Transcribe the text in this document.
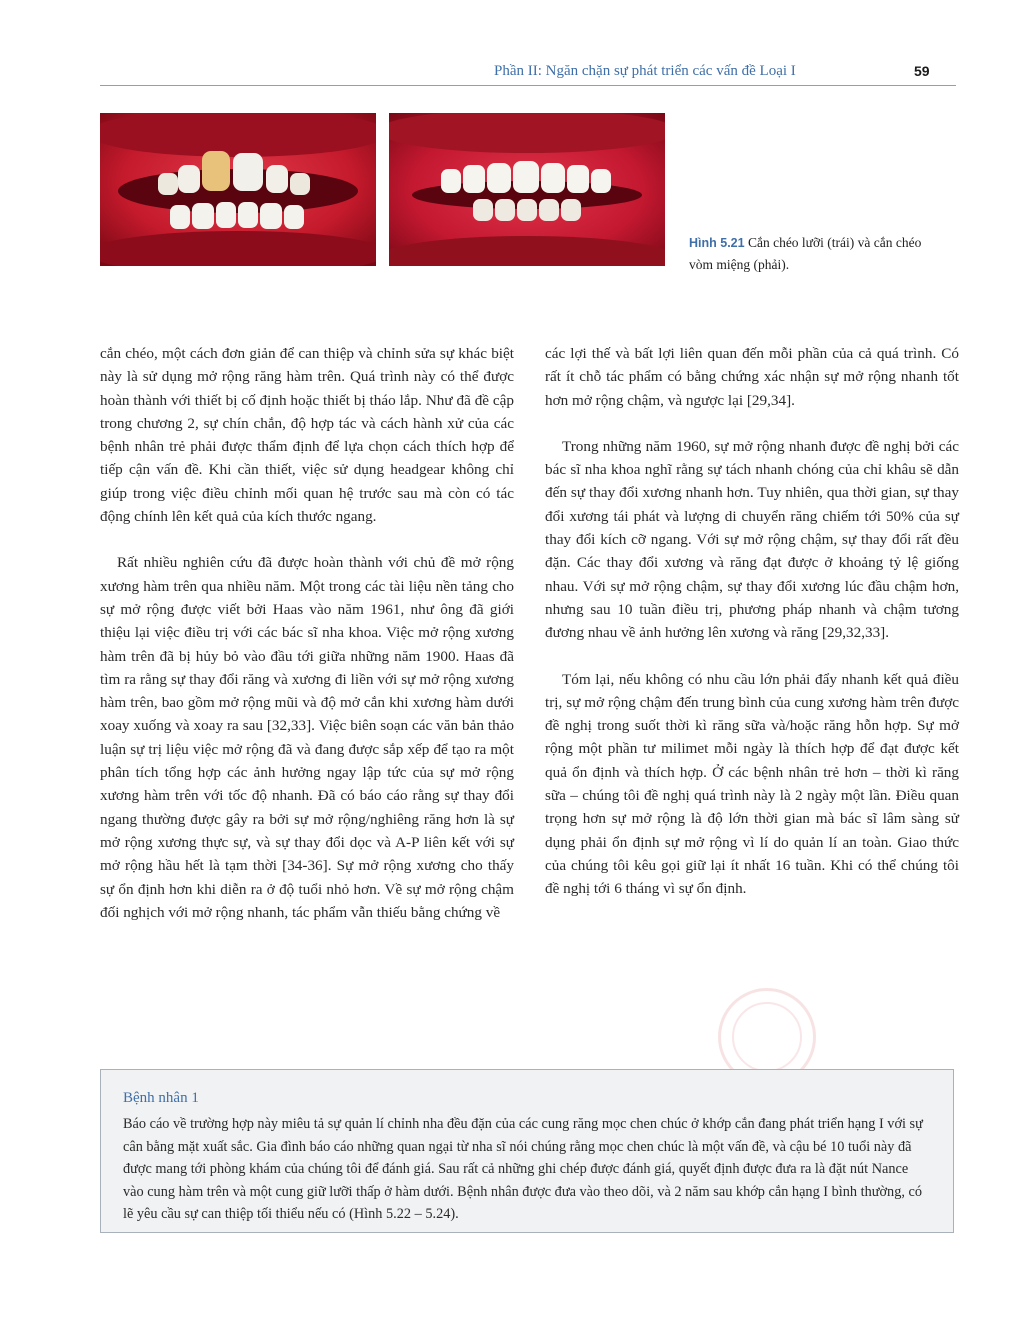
Phần II: Ngăn chặn sự phát triển các vấn đề Loại I	59
Hình 5.21 Cắn chéo lưỡi (trái) và cắn chéo vòm miệng (phải).

cắn chéo, một cách đơn giản để can thiệp và chỉnh sửa sự khác biệt này là sử dụng mở rộng răng hàm trên. Quá trình này có thể được hoàn thành với thiết bị cố định hoặc thiết bị tháo lắp. Như đã đề cập trong chương 2, sự chín chắn, độ hợp tác và cách hành xử của các bệnh nhân trẻ phải được thẩm định để lựa chọn cách thích hợp để tiếp cận vấn đề. Khi cần thiết, việc sử dụng headgear không chỉ giúp trong việc điều chỉnh mối quan hệ trước sau mà còn có tác động chính lên kết quả của kích thước ngang.

Rất nhiều nghiên cứu đã được hoàn thành với chủ đề mở rộng xương hàm trên qua nhiều năm. Một trong các tài liệu nền tảng cho sự mở rộng được viết bởi Haas vào năm 1961, như ông đã giới thiệu lại việc điều trị với các bác sĩ nha khoa. Việc mở rộng xương hàm trên đã bị hủy bỏ vào đầu tới giữa những năm 1900. Haas đã tìm ra rằng sự thay đổi răng và xương đi liền với sự mở rộng xương hàm trên, bao gồm mở rộng mũi và độ mở cắn khi xương hàm dưới xoay xuống và xoay ra sau [32,33]. Việc biên soạn các văn bản thảo luận sự trị liệu việc mở rộng đã và đang được sắp xếp để tạo ra một phân tích tổng hợp các ảnh hưởng ngay lập tức của sự mở rộng xương hàm trên với tốc độ nhanh. Đã có báo cáo rằng sự thay đổi ngang thường được gây ra bởi sự mở rộng/nghiêng răng hơn là sự mở rộng xương thực sự, và sự thay đổi dọc và A-P liên kết với sự mở rộng hầu hết là tạm thời [34-36]. Sự mở rộng xương cho thấy sự ổn định hơn khi diễn ra ở độ tuổi nhỏ hơn. Về sự mở rộng chậm đối nghịch với mở rộng nhanh, tác phẩm vẫn thiếu bằng chứng về

các lợi thế và bất lợi liên quan đến mỗi phần của cả quá trình. Có rất ít chỗ tác phẩm có bằng chứng xác nhận sự mở rộng nhanh tốt hơn mở rộng chậm, và ngược lại [29,34].

Trong những năm 1960, sự mở rộng nhanh được đề nghị bởi các bác sĩ nha khoa nghĩ rằng sự tách nhanh chóng của chỉ khâu sẽ dẫn đến sự thay đổi xương nhanh hơn. Tuy nhiên, qua thời gian, sự thay đổi xương tái phát và lượng di chuyển răng chiếm tới 50% của sự thay đổi kích cỡ ngang. Với sự mở rộng chậm, sự thay đổi rất đều đặn. Các thay đổi xương và răng đạt được ở khoảng tỷ lệ giống nhau. Với sự mở rộng chậm, sự thay đổi xương lúc đầu chậm hơn, nhưng sau 10 tuần điều trị, phương pháp nhanh và chậm tương đương nhau về ảnh hưởng lên xương và răng [29,32,33].

Tóm lại, nếu không có nhu cầu lớn phải đẩy nhanh kết quả điều trị, sự mở rộng chậm đến trung bình của cung xương hàm trên được đề nghị trong suốt thời kì răng sữa và/hoặc răng hỗn hợp. Sự mở rộng một phần tư milimet mỗi ngày là thích hợp để đạt được kết quả ổn định và thích hợp. Ở các bệnh nhân trẻ hơn – thời kì răng sữa – chúng tôi đề nghị quá trình này là 2 ngày một lần. Điều quan trọng hơn sự mở rộng là độ lớn thời gian mà bác sĩ lâm sàng sử dụng phải ổn định sự mở rộng vì lí do quản lí an toàn. Giao thức của chúng tôi kêu gọi giữ lại ít nhất 16 tuần. Khi có thể chúng tôi đề nghị tới 6 tháng vì sự ổn định.

Bệnh nhân 1

Báo cáo về trường hợp này miêu tả sự quản lí chỉnh nha đều đặn của các cung răng mọc chen chúc ở khớp cắn đang phát triển hạng I với sự cân bằng mặt xuất sắc. Gia đình báo cáo những quan ngại từ nha sĩ nói chúng rằng mọc chen chúc là một vấn đề, và cậu bé 10 tuổi này đã được mang tới phòng khám của chúng tôi để đánh giá. Sau rất cả những ghi chép được đánh giá, quyết định được đưa ra là đặt nút Nance vào cung hàm trên và một cung giữ lưỡi thấp ở hàm dưới. Bệnh nhân được đưa vào theo dõi, và 2 năm sau khớp cắn hạng I bình thường, có lẽ yêu cầu sự can thiệp tối thiểu nếu có (Hình 5.22 – 5.24).
